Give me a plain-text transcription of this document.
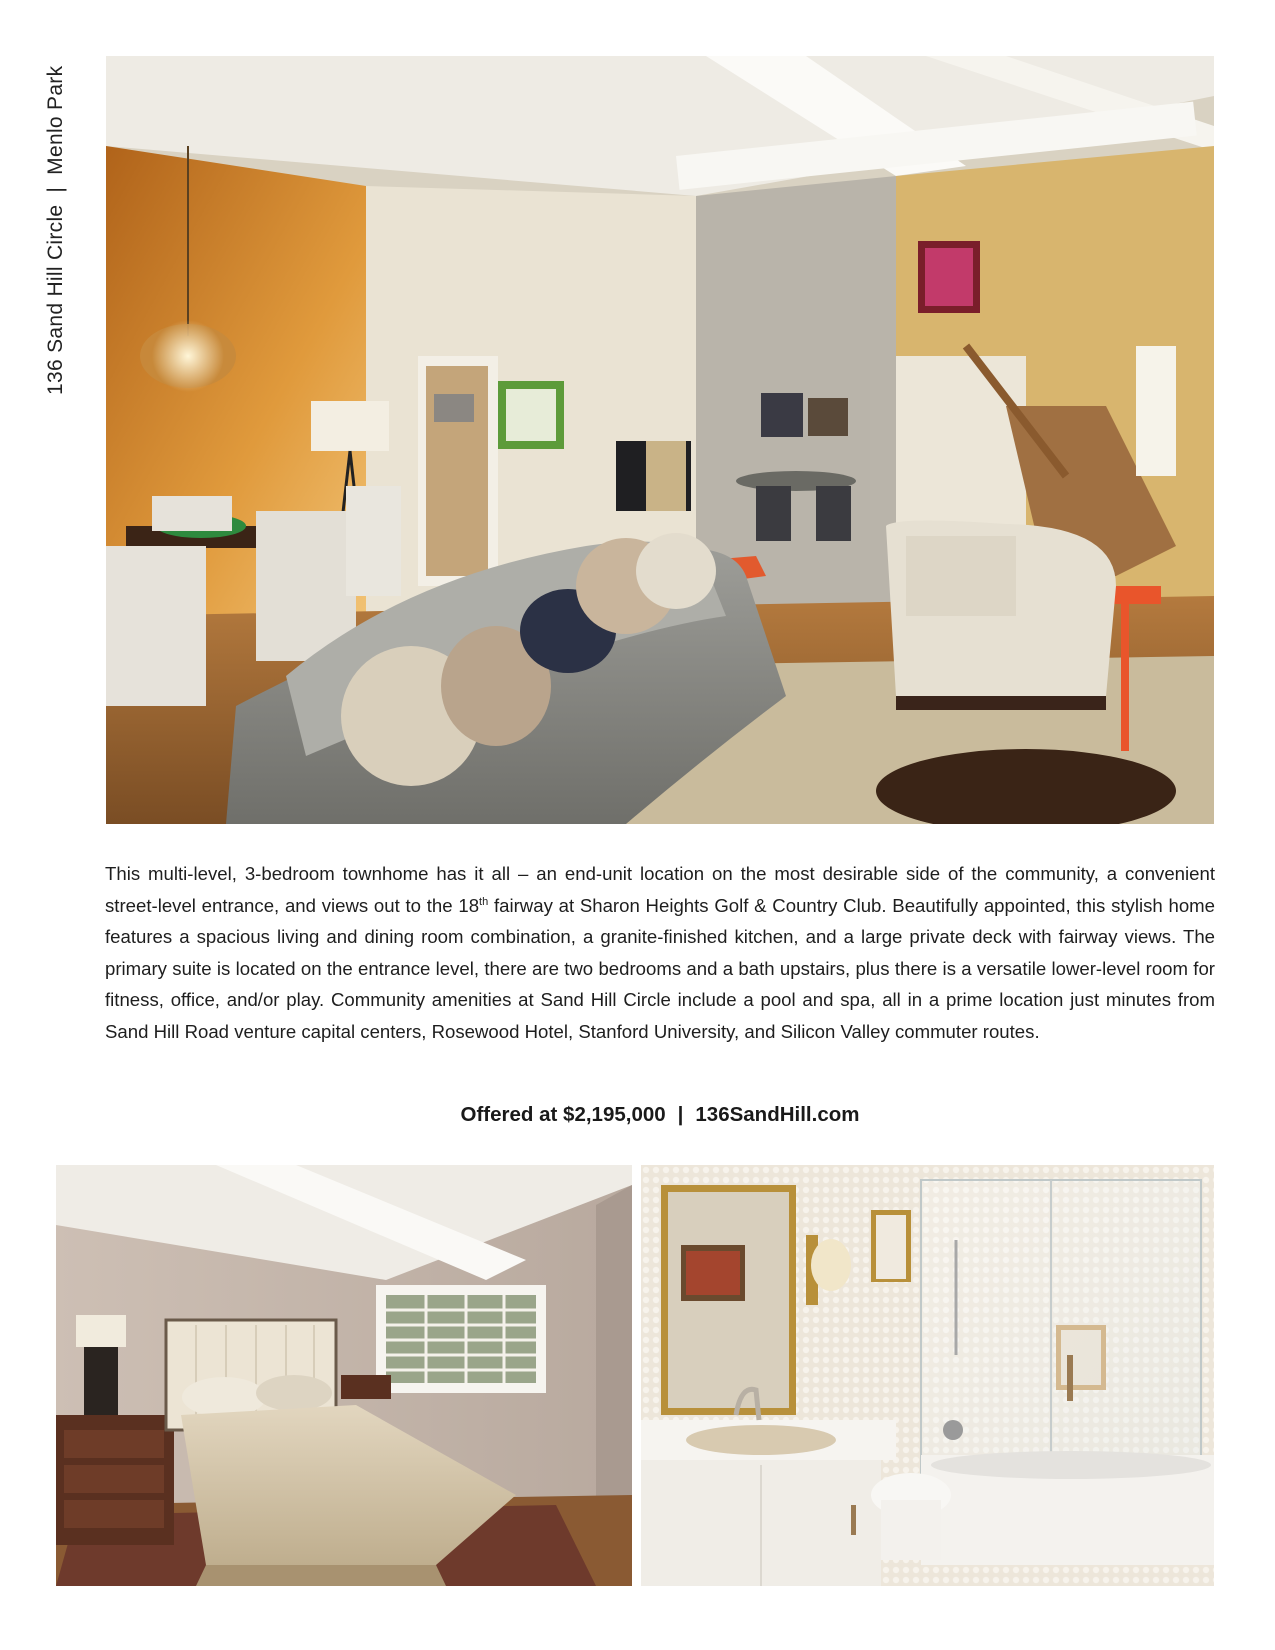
136 Sand Hill Circle|Menlo Park

This multi-level, 3-bedroom townhome has it all – an end-unit location on the most desirable side of the community, a convenient street-level entrance, and views out to the 18th fairway at Sharon Heights Golf & Country Club. Beautifully appointed, this stylish home features a spacious living and dining room combination, a granite-finished kitchen, and a large private deck with fairway views. The primary suite is located on the entrance level, there are two bedrooms and a bath upstairs, plus there is a versatile lower-level room for fitness, office, and/or play. Community amenities at Sand Hill Circle include a pool and spa, all in a prime location just minutes from Sand Hill Road venture capital centers, Rosewood Hotel, Stanford University, and Silicon Valley commuter routes.

Offered at $2,195,000 | 136SandHill.com
